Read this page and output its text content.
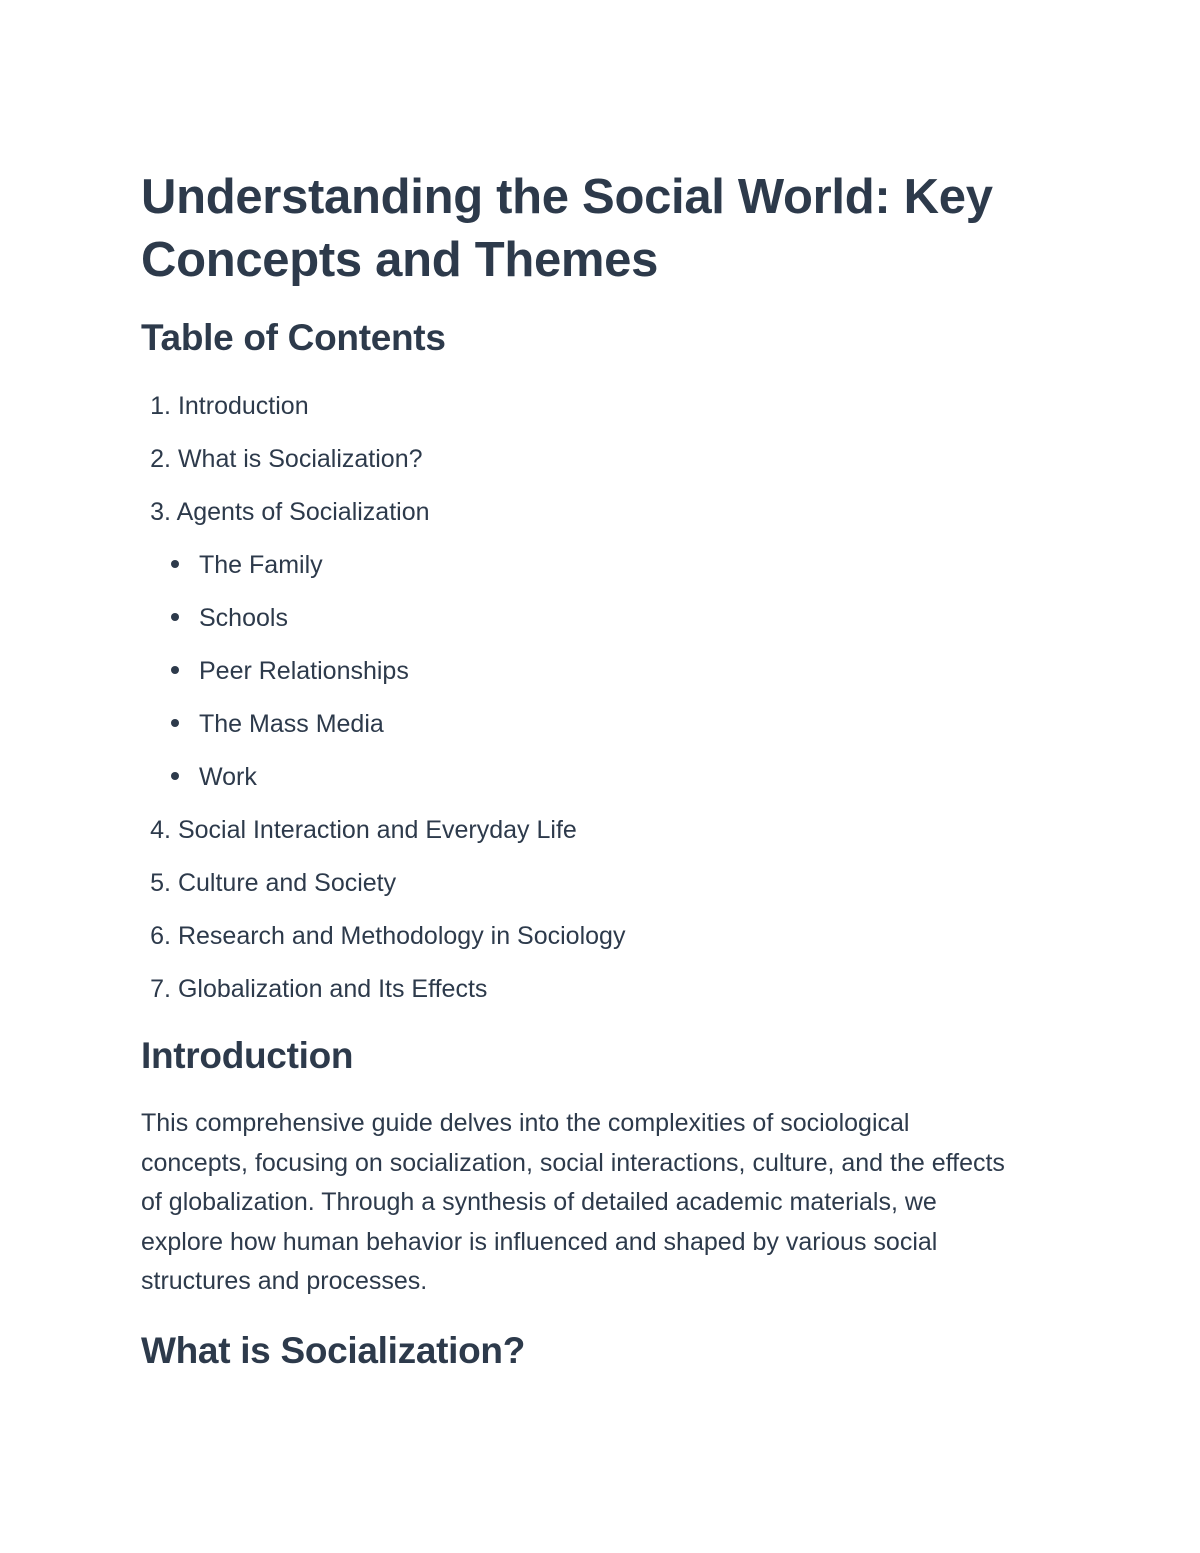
Understanding the Social World: Key Concepts and Themes
Table of Contents
1 . Introduction
2 . What is Socialization?
3 . Agents of Socialization
The Family
Schools
Peer Relationships
The Mass Media
Work
4 . Social Interaction and Everyday Life
5 . Culture and Society
6 . Research and Methodology in Sociology
7 . Globalization and Its Effects
Introduction

This comprehensive guide delves into the complexities of sociological concepts, focusing on socialization, social interactions, culture, and the effects of globalization. Through a synthesis of detailed academic materials, we explore how human behavior is influenced and shaped by various social structures and processes.

What is Socialization?
